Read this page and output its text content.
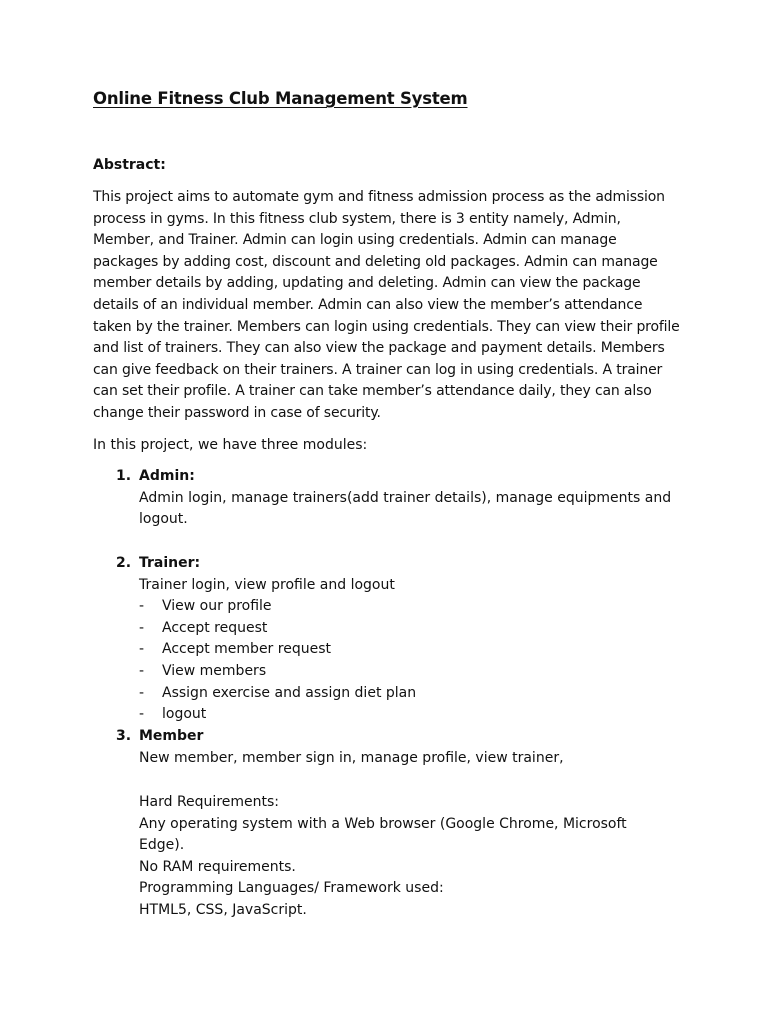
Online Fitness Club Management System
Abstract:

This project aims to automate gym and fitness admission process as the admission process in gyms. In this fitness club system, there is 3 entity namely, Admin, Member, and Trainer. Admin can login using credentials. Admin can manage packages by adding cost, discount and deleting old packages. Admin can manage member details by adding, updating and deleting. Admin can view the package details of an individual member. Admin can also view the member’s attendance taken by the trainer. Members can login using credentials. They can view their profile and list of trainers. They can also view the package and payment details. Members can give feedback on their trainers. A trainer can log in using credentials. A trainer can set their profile. A trainer can take member’s attendance daily, they can also change their password in case of security.

In this project, we have three modules:

1. Admin:

Admin login, manage trainers(add trainer details), manage equipments and logout.

2. Trainer:

Trainer login, view profile and logout

- View our profile
- Accept request
- Accept member request
- View members
- Assign exercise and assign diet plan
- logout
3. Member

New member, member sign in, manage profile, view trainer,

Hard Requirements:
Any operating system with a Web browser (Google Chrome, Microsoft Edge).
No RAM requirements.
Programming Languages/ Framework used:
HTML5, CSS, JavaScript.
